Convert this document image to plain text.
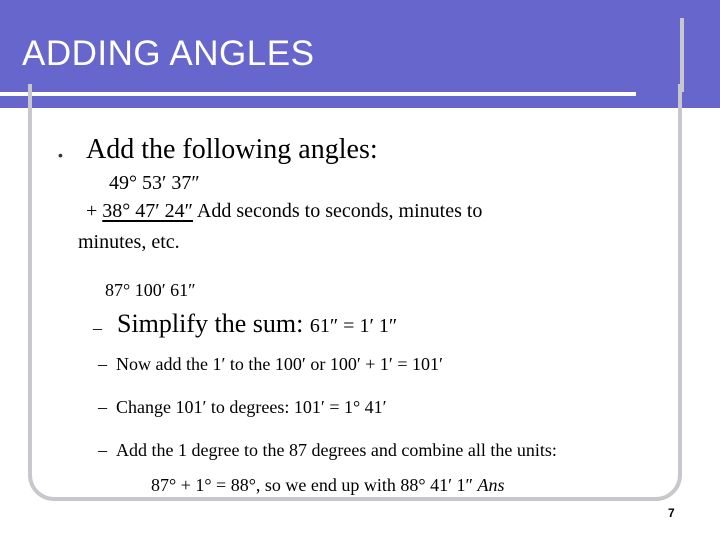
ADDING ANGLES
• Add the following angles:
49° 53′ 37″
+ 38° 47′ 24″ Add seconds to seconds, minutes to
minutes, etc.
87° 100′ 61″
– Simplify the sum: 61″ = 1′ 1″
– Now add the 1′ to the 100′ or 100′ + 1′ = 101′
– Change 101′ to degrees: 101′ = 1° 41′
– Add the 1 degree to the 87 degrees and combine all the units:
87° + 1° = 88°, so we end up with 88° 41′ 1″ Ans
7
